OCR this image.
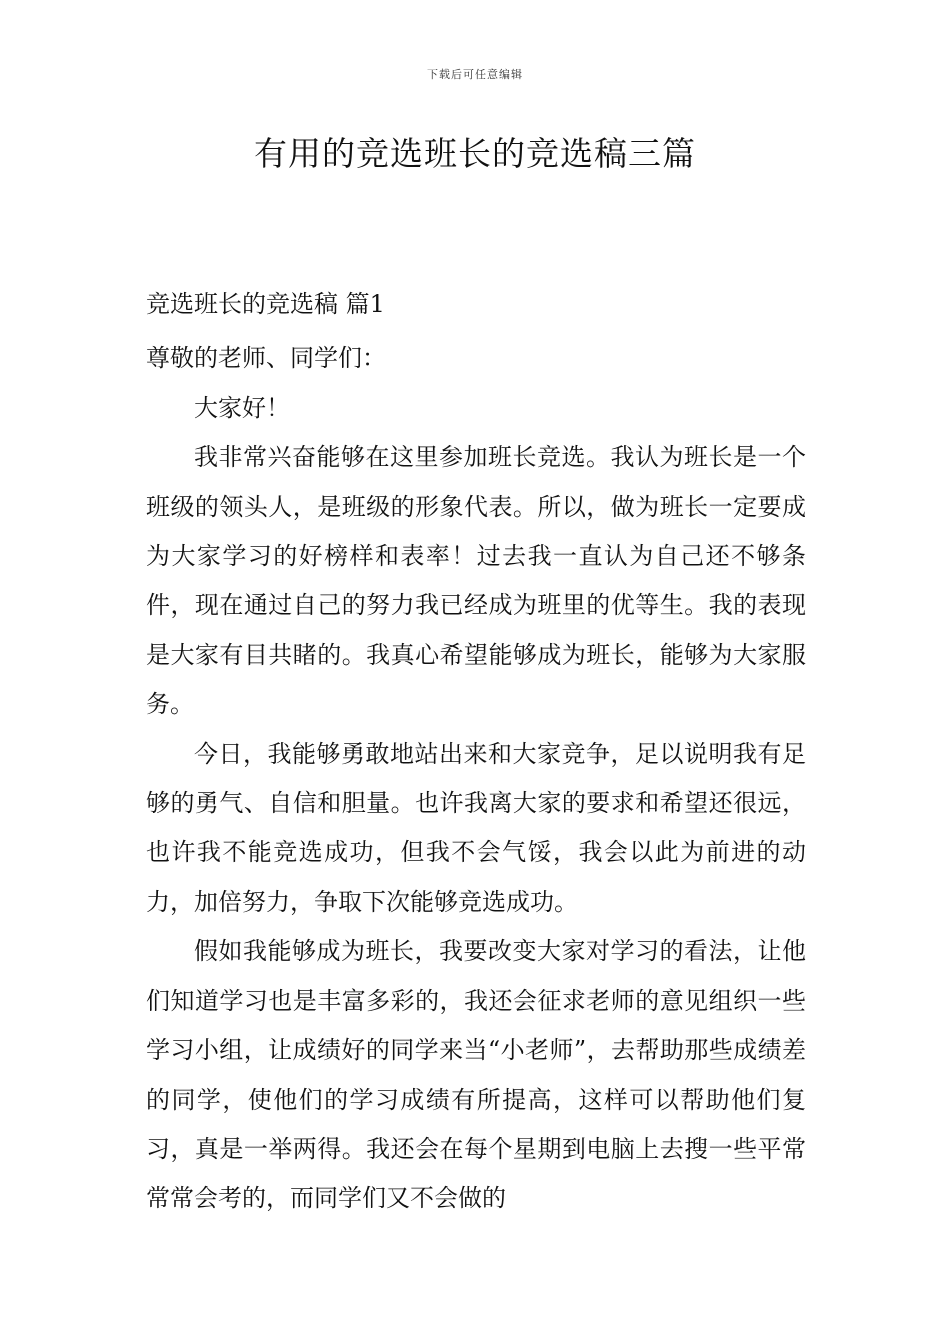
下载后可任意编辑
有用的竞选班长的竞选稿三篇

竞选班长的竞选稿 篇1

尊敬的老师、同学们：

大家好！

我非常兴奋能够在这里参加班长竞选。我认为班长是一个班级的领头人，是班级的形象代表。所以，做为班长一定要成为大家学习的好榜样和表率！过去我一直认为自己还不够条件，现在通过自己的努力我已经成为班里的优等生。我的表现是大家有目共睹的。我真心希望能够成为班长，能够为大家服务。

今日，我能够勇敢地站出来和大家竞争，足以说明我有足够的勇气、自信和胆量。也许我离大家的要求和希望还很远，也许我不能竞选成功，但我不会气馁，我会以此为前进的动力，加倍努力，争取下次能够竞选成功。

假如我能够成为班长，我要改变大家对学习的看法，让他们知道学习也是丰富多彩的，我还会征求老师的意见组织一些学习小组，让成绩好的同学来当“小老师”，去帮助那些成绩差的同学，使他们的学习成绩有所提高，这样可以帮助他们复习，真是一举两得。我还会在每个星期到电脑上去搜一些平常常常会考的，而同学们又不会做的
